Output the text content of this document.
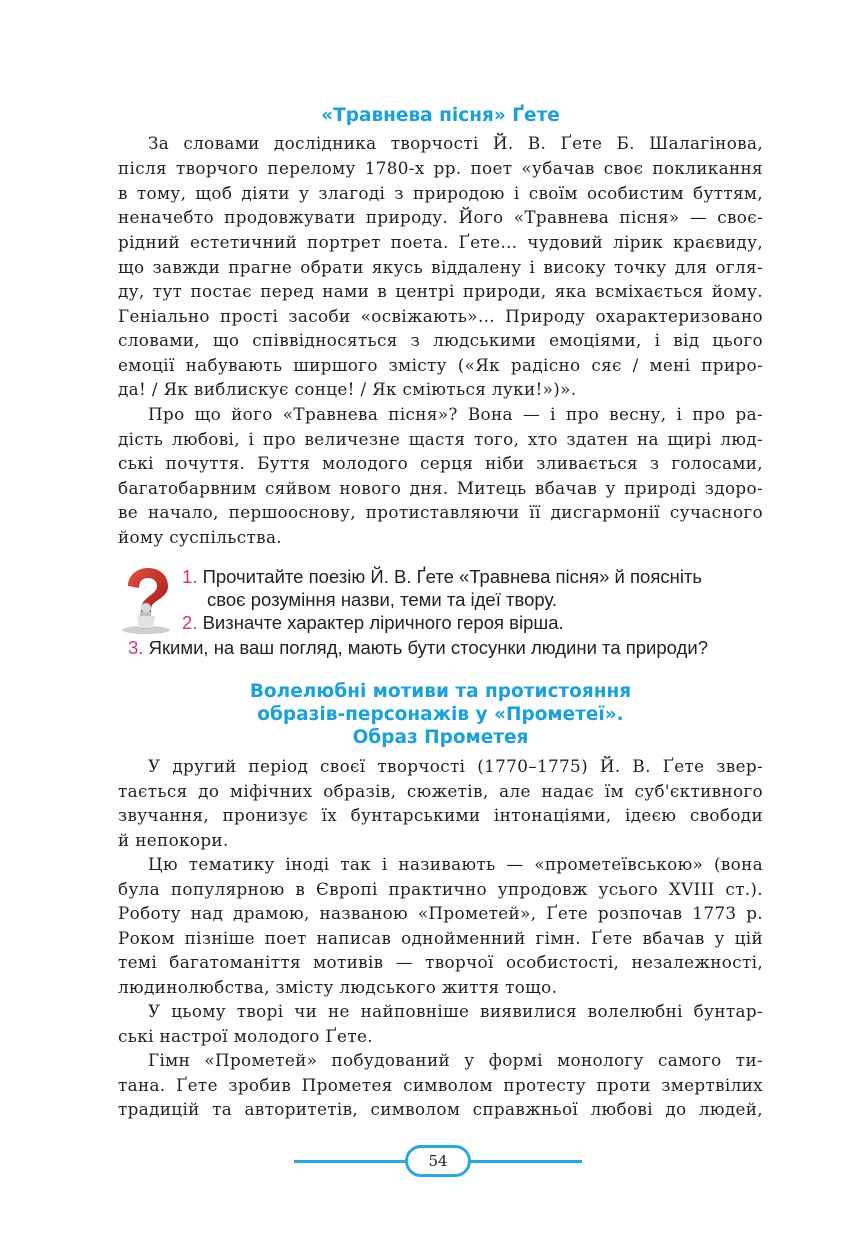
«Травнева пісня» Ґете
За словами дослідника творчості Й. В. Ґете Б. Шалагінова,
після творчого перелому 1780-х рр. поет «убачав своє покликання
в тому, щоб діяти у злагоді з природою і своїм особистим буттям,
неначебто продовжувати природу. Його «Травнева пісня» — своє-
рідний естетичний портрет поета. Ґете… чудовий лірик краєвиду,
що завжди прагне обрати якусь віддалену і високу точку для огля-
ду, тут постає перед нами в центрі природи, яка всміхається йому.
Геніально прості засоби «освіжають»… Природу охарактеризовано
словами, що співвідносяться з людськими емоціями, і від цього
емоції набувають ширшого змісту («Як радісно сяє / мені приро-
да! / Як виблискує сонце! / Як сміються луки!»)».
Про що його «Травнева пісня»? Вона — і про весну, і про ра-
дість любові, і про величезне щастя того, хто здатен на щирі люд-
ські почуття. Буття молодого серця ніби зливається з голосами,
багатобарвним сяйвом нового дня. Митець вбачав у природі здоро-
ве начало, першооснову, протиставляючи її дисгармонії сучасного
йому суспільства.
1. Прочитайте поезію Й. В. Ґете «Травнева пісня» й поясніть
своє розуміння назви, теми та ідеї твору.
2. Визначте характер ліричного героя вірша.
3. Якими, на ваш погляд, мають бути стосунки людини та природи?
Волелюбні мотиви та протистояння
образів-персонажів у «Прометеї».
Образ Прометея
У другий період своєї творчості (1770–1775) Й. В. Ґете звер-
тається до міфічних образів, сюжетів, але надає їм суб'єктивного
звучання, пронизує їх бунтарськими інтонаціями, ідеєю свободи
й непокори.
Цю тематику іноді так і називають — «прометеївською» (вона
була популярною в Європі практично упродовж усього XVIII ст.).
Роботу над драмою, названою «Прометей», Ґете розпочав 1773 р.
Роком пізніше поет написав однойменний гімн. Ґете вбачав у цій
темі багатоманіття мотивів — творчої особистості, незалежності,
людинолюбства, змісту людського життя тощо.
У цьому творі чи не найповніше виявилися волелюбні бунтар-
ські настрої молодого Ґете.
Гімн «Прометей» побудований у формі монологу самого ти-
тана. Ґете зробив Прометея символом протесту проти змертвілих
традицій та авторитетів, символом справжньої любові до людей,
54
